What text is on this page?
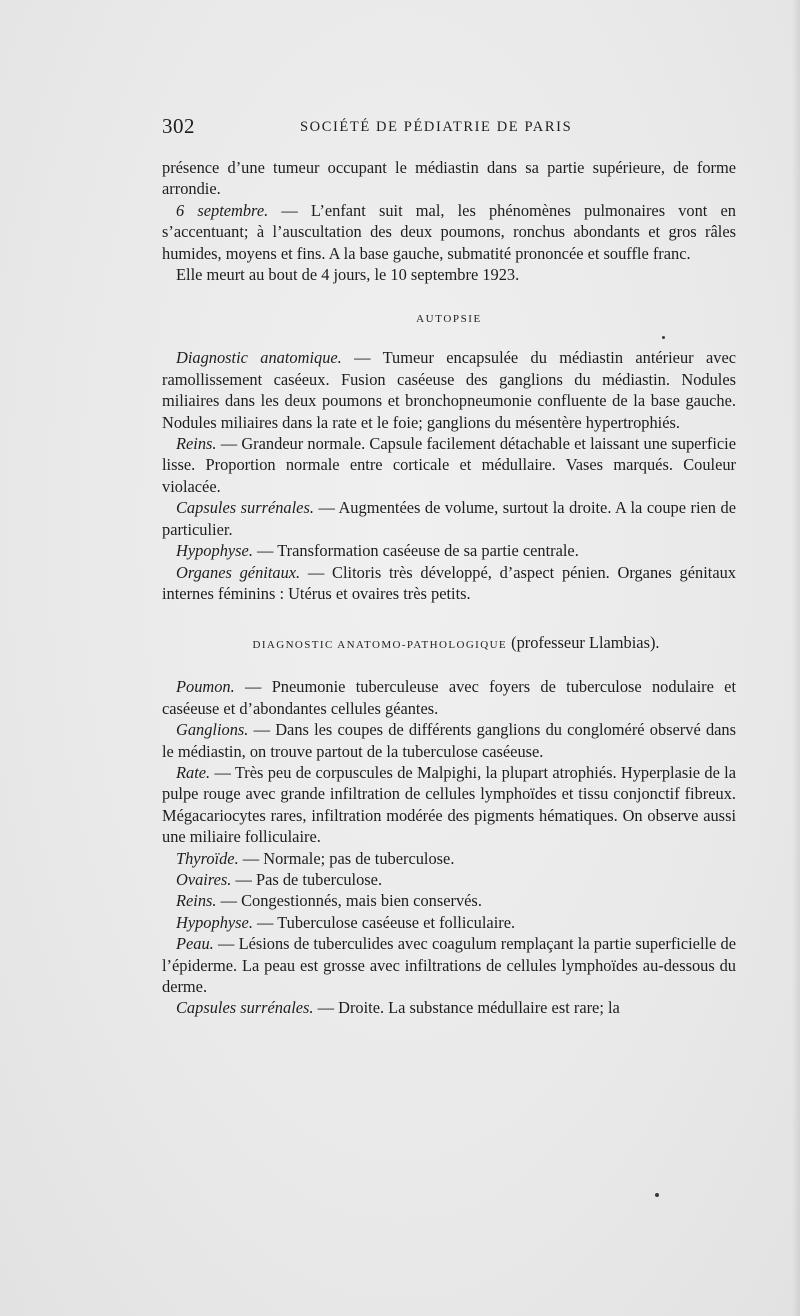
302	SOCIÉTÉ DE PÉDIATRIE DE PARIS

présence d’une tumeur occupant le médiastin dans sa partie supérieure, de forme arrondie.

6 septembre. — L’enfant suit mal, les phénomènes pulmonaires vont en s’accentuant; à l’auscultation des deux poumons, ronchus abondants et gros râles humides, moyens et fins. A la base gauche, submatité prononcée et souffle franc.

Elle meurt au bout de 4 jours, le 10 septembre 1923.

AUTOPSIE

Diagnostic anatomique. — Tumeur encapsulée du médiastin antérieur avec ramollissement caséeux. Fusion caséeuse des ganglions du médiastin. Nodules miliaires dans les deux poumons et bronchopneumonie confluente de la base gauche. Nodules miliaires dans la rate et le foie; ganglions du mésentère hypertrophiés.

Reins. — Grandeur normale. Capsule facilement détachable et laissant une superficie lisse. Proportion normale entre corticale et médullaire. Vases marqués. Couleur violacée.

Capsules surrénales. — Augmentées de volume, surtout la droite. A la coupe rien de particulier.

Hypophyse. — Transformation caséeuse de sa partie centrale.

Organes génitaux. — Clitoris très développé, d’aspect pénien. Organes génitaux internes féminins : Utérus et ovaires très petits.

DIAGNOSTIC ANATOMO-PATHOLOGIQUE (professeur Llambias).

Poumon. — Pneumonie tuberculeuse avec foyers de tuberculose nodulaire et caséeuse et d’abondantes cellules géantes.

Ganglions. — Dans les coupes de différents ganglions du congloméré observé dans le médiastin, on trouve partout de la tuberculose caséeuse.

Rate. — Très peu de corpuscules de Malpighi, la plupart atrophiés. Hyperplasie de la pulpe rouge avec grande infiltration de cellules lymphoïdes et tissu conjonctif fibreux. Mégacariocytes rares, infiltration modérée des pigments hématiques. On observe aussi une miliaire folliculaire.

Thyroïde. — Normale; pas de tuberculose.

Ovaires. — Pas de tuberculose.

Reins. — Congestionnés, mais bien conservés.

Hypophyse. — Tuberculose caséeuse et folliculaire.

Peau. — Lésions de tuberculides avec coagulum remplaçant la partie superficielle de l’épiderme. La peau est grosse avec infiltrations de cellules lymphoïdes au-dessous du derme.

Capsules surrénales. — Droite. La substance médullaire est rare; la
